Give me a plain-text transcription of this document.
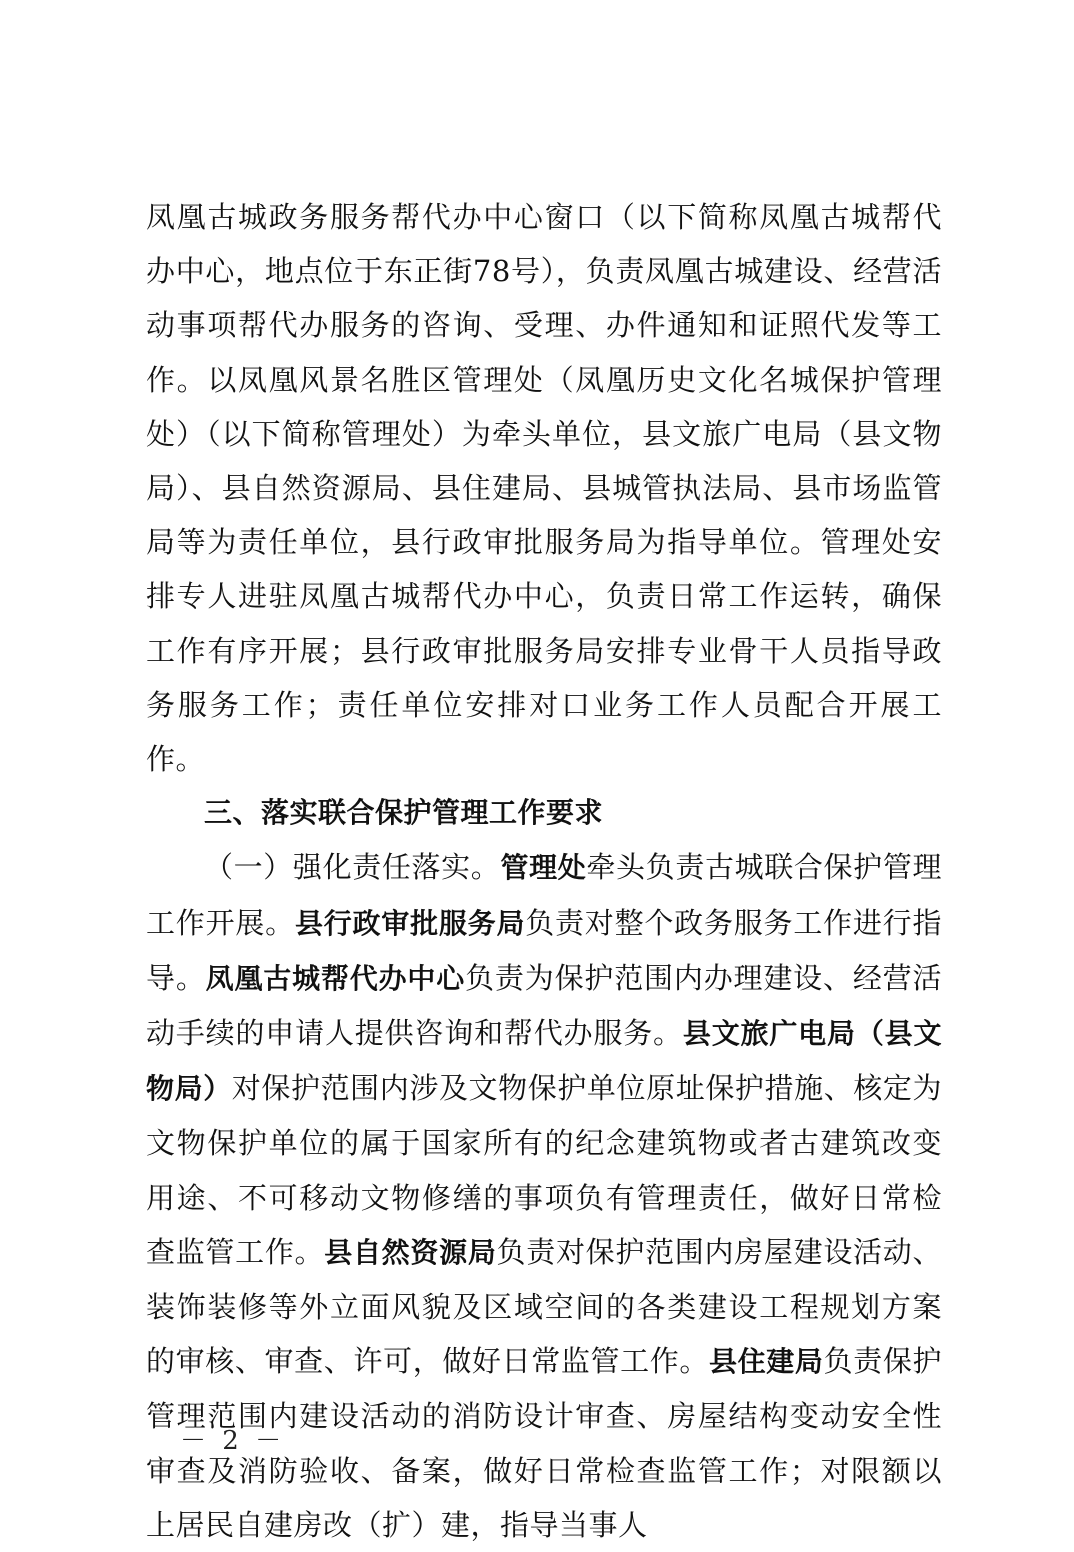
凤凰古城政务服务帮代办中心窗口（以下简称凤凰古城帮代办中心，地点位于东正街78号），负责凤凰古城建设、经营活动事项帮代办服务的咨询、受理、办件通知和证照代发等工作。以凤凰风景名胜区管理处（凤凰历史文化名城保护管理处）（以下简称管理处）为牵头单位，县文旅广电局（县文物局）、县自然资源局、县住建局、县城管执法局、县市场监管局等为责任单位，县行政审批服务局为指导单位。管理处安排专人进驻凤凰古城帮代办中心，负责日常工作运转，确保工作有序开展；县行政审批服务局安排专业骨干人员指导政务服务工作；责任单位安排对口业务工作人员配合开展工作。

三、落实联合保护管理工作要求

（一）强化责任落实。管理处牵头负责古城联合保护管理工作开展。县行政审批服务局负责对整个政务服务工作进行指导。凤凰古城帮代办中心负责为保护范围内办理建设、经营活动手续的申请人提供咨询和帮代办服务。县文旅广电局（县文物局）对保护范围内涉及文物保护单位原址保护措施、核定为文物保护单位的属于国家所有的纪念建筑物或者古建筑改变用途、不可移动文物修缮的事项负有管理责任，做好日常检查监管工作。县自然资源局负责对保护范围内房屋建设活动、装饰装修等外立面风貌及区域空间的各类建设工程规划方案的审核、审查、许可，做好日常监管工作。县住建局负责保护管理范围内建设活动的消防设计审查、房屋结构变动安全性审查及消防验收、备案，做好日常检查监管工作；对限额以上居民自建房改（扩）建，指导当事人

－ 2 －
